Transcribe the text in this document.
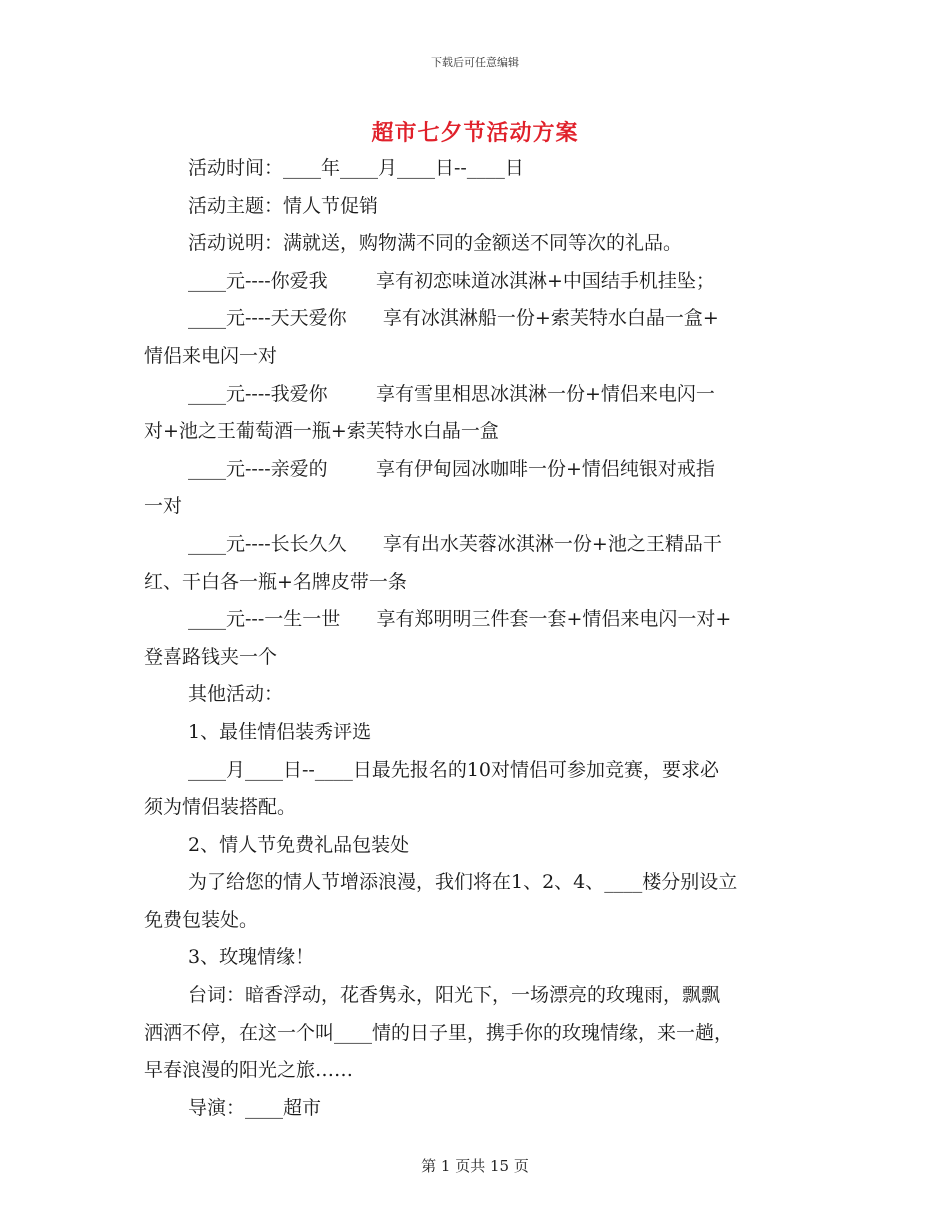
下载后可任意编辑
超市七夕节活动方案
活动时间：____年____月____日--____日
活动主题：情人节促销
活动说明：满就送，购物满不同的金额送不同等次的礼品。
____元----你爱我        享有初恋味道冰淇淋+中国结手机挂坠；
____元----天天爱你      享有冰淇淋船一份+索芙特水白晶一盒+
情侣来电闪一对
____元----我爱你        享有雪里相思冰淇淋一份+情侣来电闪一
对+池之王葡萄酒一瓶+索芙特水白晶一盒
____元----亲爱的        享有伊甸园冰咖啡一份+情侣纯银对戒指
一对
____元----长长久久      享有出水芙蓉冰淇淋一份+池之王精品干
红、干白各一瓶+名牌皮带一条
____元---一生一世      享有郑明明三件套一套+情侣来电闪一对+
登喜路钱夹一个
其他活动：
1、最佳情侣装秀评选
____月____日--____日最先报名的10对情侣可参加竞赛，要求必
须为情侣装搭配。
2、情人节免费礼品包装处
为了给您的情人节增添浪漫，我们将在1、2、4、____楼分别设立
免费包装处。
3、玫瑰情缘！
台词：暗香浮动，花香隽永，阳光下，一场漂亮的玫瑰雨，飘飘
洒洒不停，在这一个叫____情的日子里，携手你的玫瑰情缘，来一趟，
早春浪漫的阳光之旅……
导演：____超市
第 1 页共 15 页
